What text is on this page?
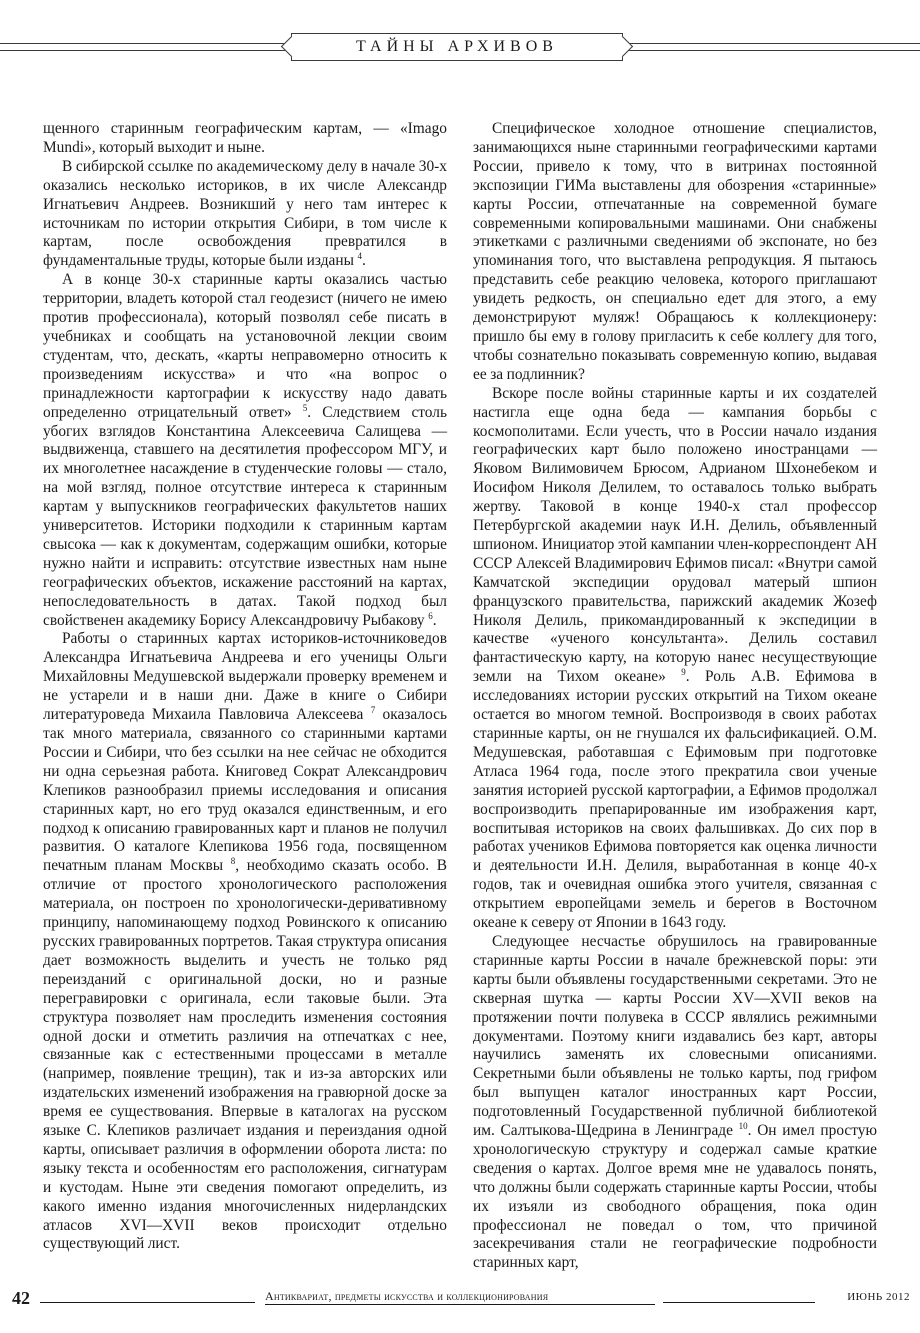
ТАЙНЫ АРХИВОВ

щенного старинным географическим картам, — «Imago Mundi», который выходит и ныне.

В сибирской ссылке по академическому делу в начале 30-х оказались несколько историков, в их числе Александр Игнатьевич Андреев. Возникший у него там интерес к источникам по истории открытия Сибири, в том числе к картам, после освобождения превратился в фундаментальные труды, которые были изданы $^4$.

А в конце 30-х старинные карты оказались частью территории, владеть которой стал геодезист (ничего не имею против профессионала), который позволял себе писать в учебниках и сообщать на установочной лекции своим студентам, что, дескать, «карты неправомерно относить к произведениям искусства» и что «на вопрос о принадлежности картографии к искусству надо давать определенно отрицательный ответ» $^5$. Следствием столь убогих взглядов Константина Алексеевича Салищева — выдвиженца, ставшего на десятилетия профессором МГУ, и их многолетнее насаждение в студенческие головы — стало, на мой взгляд, полное отсутствие интереса к старинным картам у выпускников географических факультетов наших университетов. Историки подходили к старинным картам свысока — как к документам, содержащим ошибки, которые нужно найти и исправить: отсутствие известных нам ныне географических объектов, искажение расстояний на картах, непоследовательность в датах. Такой подход был свойственен академику Борису Александровичу Рыбакову $^6$.

Работы о старинных картах историков-источниковедов Александра Игнатьевича Андреева и его ученицы Ольги Михайловны Медушевской выдержали проверку временем и не устарели и в наши дни. Даже в книге о Сибири литературоведа Михаила Павловича Алексеева $^7$ оказалось так много материала, связанного со старинными картами России и Сибири, что без ссылки на нее сейчас не обходится ни одна серьезная работа. Книговед Сократ Александрович Клепиков разнообразил приемы исследования и описания старинных карт, но его труд оказался единственным, и его подход к описанию гравированных карт и планов не получил развития. О каталоге Клепикова 1956 года, посвященном печатным планам Москвы $^8$, необходимо сказать особо. В отличие от простого хронологического расположения материала, он построен по хронологически-деривативному принципу, напоминающему подход Ровинского к описанию русских гравированных портретов. Такая структура описания дает возможность выделить и учесть не только ряд переизданий с оригинальной доски, но и разные перегравировки с оригинала, если таковые были. Эта структура позволяет нам проследить изменения состояния одной доски и отметить различия на отпечатках с нее, связанные как с естественными процессами в металле (например, появление трещин), так и из-за авторских или издательских изменений изображения на гравюрной доске за время ее существования. Впервые в каталогах на русском языке С. Клепиков различает издания и переиздания одной карты, описывает различия в оформлении оборота листа: по языку текста и особенностям его расположения, сигнатурам и кустодам. Ныне эти сведения помогают определить, из какого именно издания многочисленных нидерландских атласов XVI—XVII веков происходит отдельно существующий лист.

Специфическое холодное отношение специалистов, занимающихся ныне старинными географическими картами России, привело к тому, что в витринах постоянной экспозиции ГИМа выставлены для обозрения «старинные» карты России, отпечатанные на современной бумаге современными копировальными машинами. Они снабжены этикетками с различными сведениями об экспонате, но без упоминания того, что выставлена репродукция. Я пытаюсь представить себе реакцию человека, которого приглашают увидеть редкость, он специально едет для этого, а ему демонстрируют муляж! Обращаюсь к коллекционеру: пришло бы ему в голову пригласить к себе коллегу для того, чтобы сознательно показывать современную копию, выдавая ее за подлинник?

Вскоре после войны старинные карты и их создателей настигла еще одна беда — кампания борьбы с космополитами. Если учесть, что в России начало издания географических карт было положено иностранцами — Яковом Вилимовичем Брюсом, Адрианом Шхонебеком и Иосифом Николя Делилем, то оставалось только выбрать жертву. Таковой в конце 1940-х стал профессор Петербургской академии наук И.Н. Делиль, объявленный шпионом. Инициатор этой кампании член-корреспондент АН СССР Алексей Владимирович Ефимов писал: «Внутри самой Камчатской экспедиции орудовал матерый шпион французского правительства, парижский академик Жозеф Николя Делиль, прикомандированный к экспедиции в качестве «ученого консультанта». Делиль составил фантастическую карту, на которую нанес несуществующие земли на Тихом океане» $^9$. Роль А.В. Ефимова в исследованиях истории русских открытий на Тихом океане остается во многом темной. Воспроизводя в своих работах старинные карты, он не гнушался их фальсификацией. О.М. Медушевская, работавшая с Ефимовым при подготовке Атласа 1964 года, после этого прекратила свои ученые занятия историей русской картографии, а Ефимов продолжал воспроизводить препарированные им изображения карт, воспитывая историков на своих фальшивках. До сих пор в работах учеников Ефимова повторяется как оценка личности и деятельности И.Н. Делиля, выработанная в конце 40-х годов, так и очевидная ошибка этого учителя, связанная с открытием европейцами земель и берегов в Восточном океане к северу от Японии в 1643 году.

Следующее несчастье обрушилось на гравированные старинные карты России в начале брежневской поры: эти карты были объявлены государственными секретами. Это не скверная шутка — карты России XV—XVII веков на протяжении почти полувека в СССР являлись режимными документами. Поэтому книги издавались без карт, авторы научились заменять их словесными описаниями. Секретными были объявлены не только карты, под грифом был выпущен каталог иностранных карт России, подготовленный Государственной публичной библиотекой им. Салтыкова-Щедрина в Ленинграде $^{10}$. Он имел простую хронологическую структуру и содержал самые краткие сведения о картах. Долгое время мне не удавалось понять, что должны были содержать старинные карты России, чтобы их изъяли из свободного обращения, пока один профессионал не поведал о том, что причиной засекречивания стали не географические подробности старинных карт,

42	Антиквариат, предметы искусства и коллекционирования	ИЮНЬ 2012
